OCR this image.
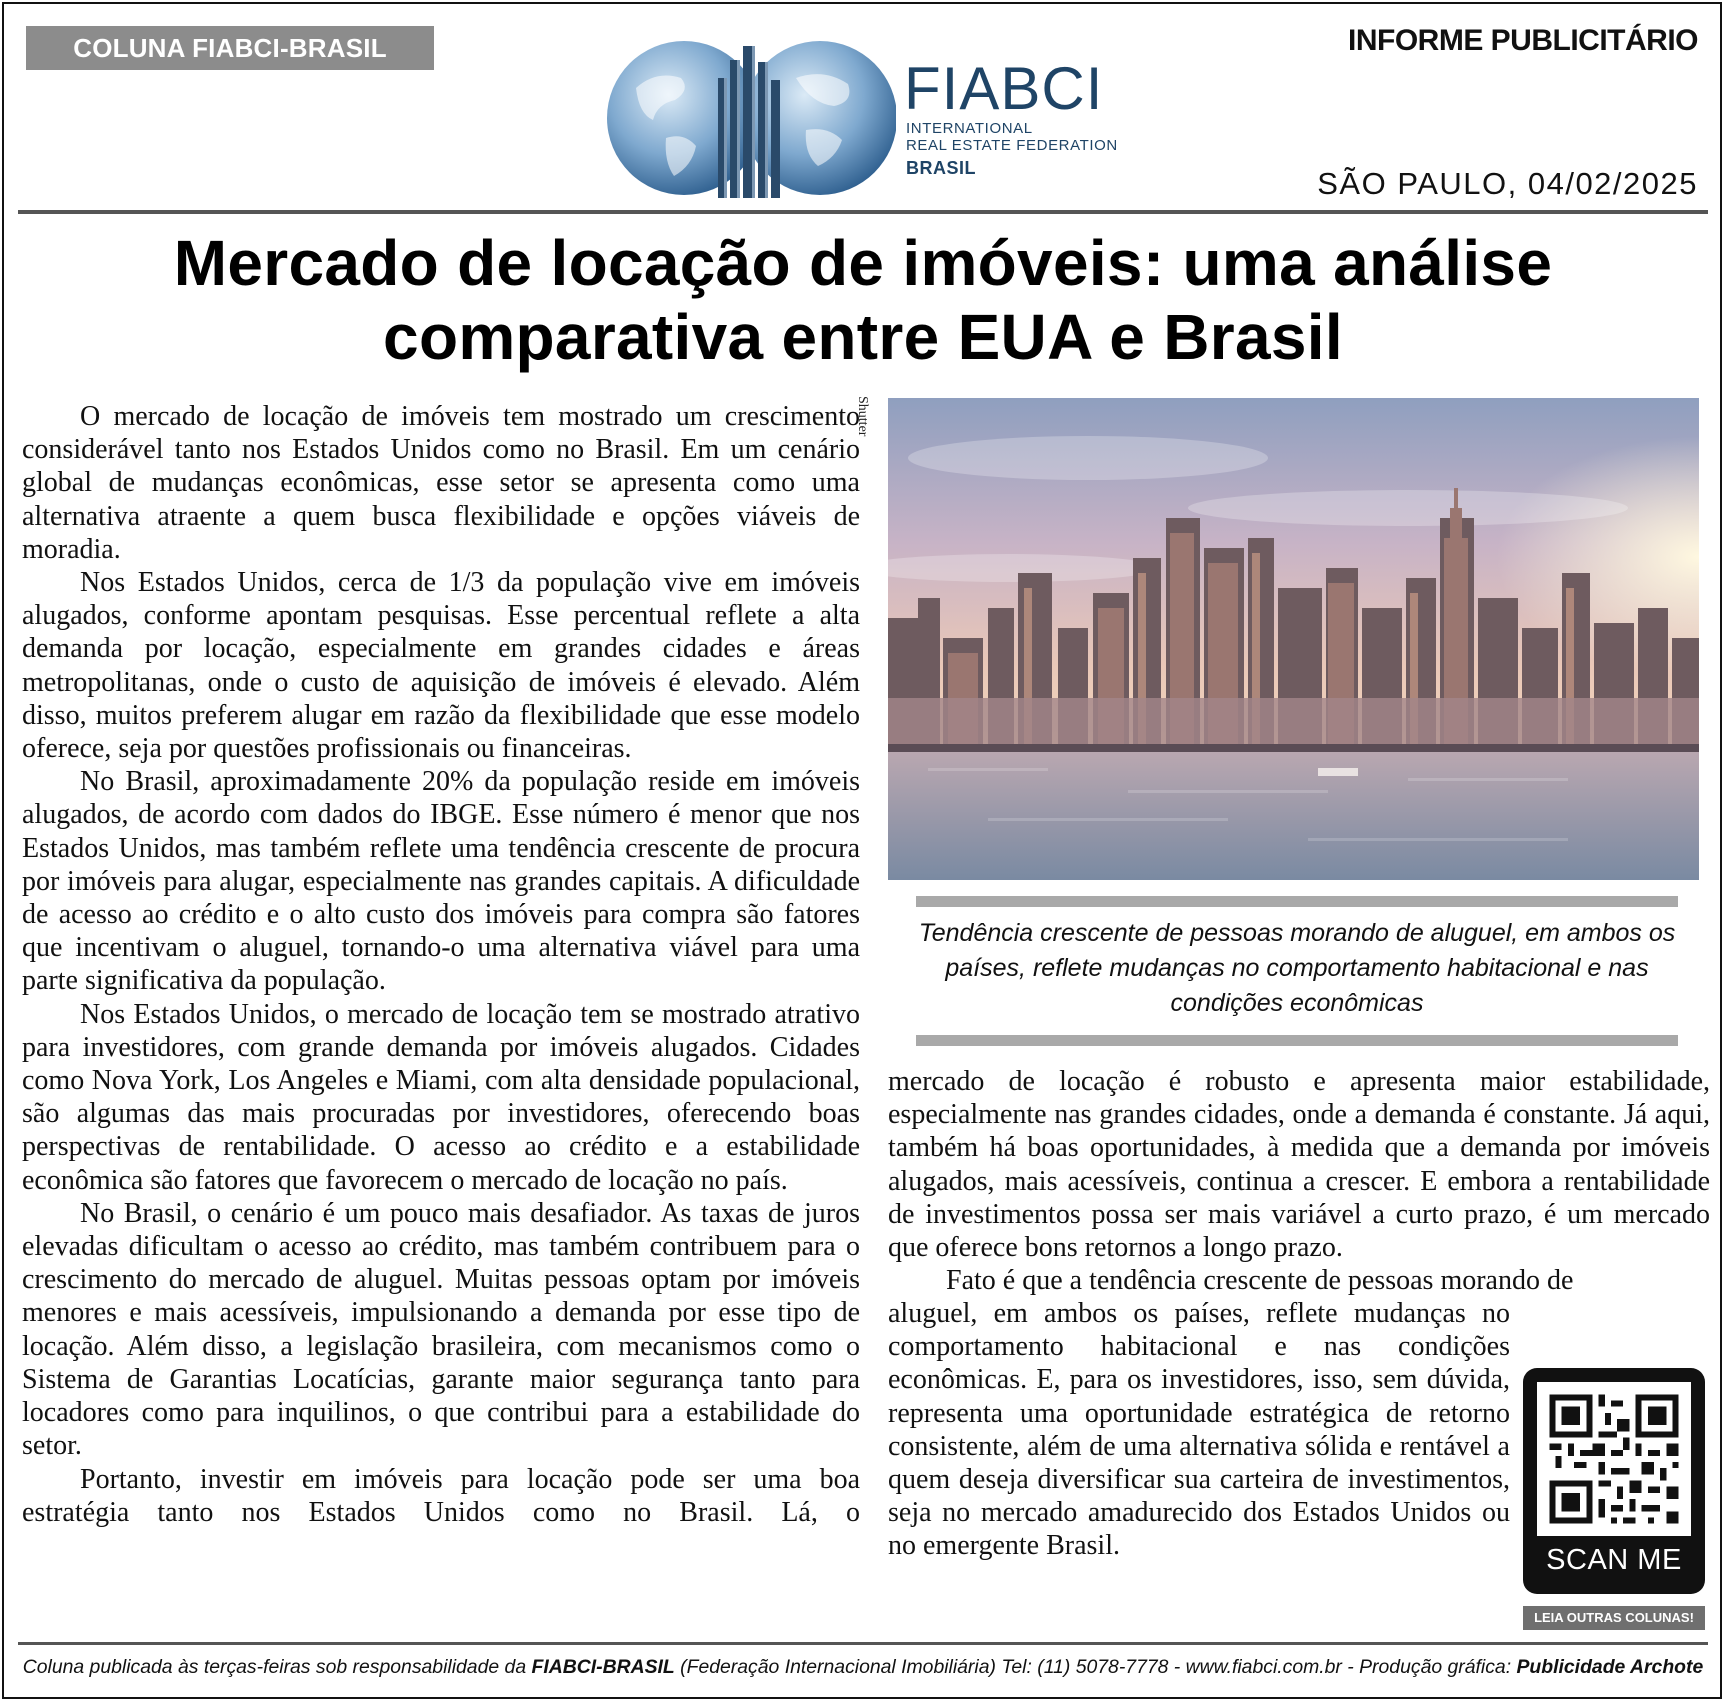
COLUNA FIABCI-BRASIL	INFORME PUBLICITÁRIO
FIABCI
INTERNATIONAL
REAL ESTATE FEDERATION
BRASIL	SÃO PAULO, 04/02/2025
Mercado de locação de imóveis: uma análise
comparativa entre EUA e Brasil

O mercado de locação de imóveis tem mostrado um crescimento considerável tanto nos Estados Unidos como no Brasil. Em um cenário global de mudanças econômicas, esse setor se apresenta como uma alternativa atraente a quem busca flexibilidade e opções viáveis de moradia.

Nos Estados Unidos, cerca de 1/3 da população vive em imóveis alugados, conforme apontam pesquisas. Esse percentual reflete a alta demanda por locação, especialmente em grandes cidades e áreas metropolitanas, onde o custo de aquisição de imóveis é elevado. Além disso, muitos preferem alugar em razão da flexibilidade que esse modelo oferece, seja por questões profissionais ou financeiras.

No Brasil, aproximadamente 20% da população reside em imóveis alugados, de acordo com dados do IBGE. Esse número é menor que nos Estados Unidos, mas também reflete uma tendência crescente de procura por imóveis para alugar, especialmente nas grandes capitais. A dificuldade de acesso ao crédito e o alto custo dos imóveis para compra são fatores que incentivam o aluguel, tornando-o uma alternativa viável para uma parte significativa da população.

Nos Estados Unidos, o mercado de locação tem se mostrado atrativo para investidores, com grande demanda por imóveis alugados. Cidades como Nova York, Los Angeles e Miami, com alta densidade populacional, são algumas das mais procuradas por investidores, oferecendo boas perspectivas de rentabilidade. O acesso ao crédito e a estabilidade econômica são fatores que favorecem o mercado de locação no país.

No Brasil, o cenário é um pouco mais desafiador. As taxas de juros elevadas dificultam o acesso ao crédito, mas também contribuem para o crescimento do mercado de aluguel. Muitas pessoas optam por imóveis menores e mais acessíveis, impulsionando a demanda por esse tipo de locação. Além disso, a legislação brasileira, com mecanismos como o Sistema de Garantias Locatícias, garante maior segurança tanto para locadores como para inquilinos, o que contribui para a estabilidade do setor.

Portanto, investir em imóveis para locação pode ser uma boa estratégia tanto nos Estados Unidos como no Brasil. Lá, o

Shutter
Tendência crescente de pessoas morando de aluguel, em ambos os países, reflete mudanças no comportamento habitacional e nas condições econômicas

mercado de locação é robusto e apresenta maior estabilidade, especialmente nas grandes cidades, onde a demanda é constante. Já aqui, também há boas oportunidades, à medida que a demanda por imóveis alugados, mais acessíveis, continua a crescer. E embora a rentabilidade de investimentos possa ser mais variável a curto prazo, é um mercado que oferece bons retornos a longo prazo.

Fato é que a tendência crescente de pessoas morando de

aluguel, em ambos os países, reflete mudanças no comportamento habitacional e nas condições econômicas. E, para os investidores, isso, sem dúvida, representa uma oportunidade estratégica de retorno consistente, além de uma alternativa sólida e rentável a quem deseja diversificar sua carteira de investimentos, seja no mercado amadurecido dos Estados Unidos ou no emergente Brasil.	SCAN ME
LEIA OUTRAS COLUNAS!
Coluna publicada às terças-feiras sob responsabilidade da FIABCI-BRASIL (Federação Internacional Imobiliária) Tel: (11) 5078-7778 - www.fiabci.com.br - Produção gráfica: Publicidade Archote
